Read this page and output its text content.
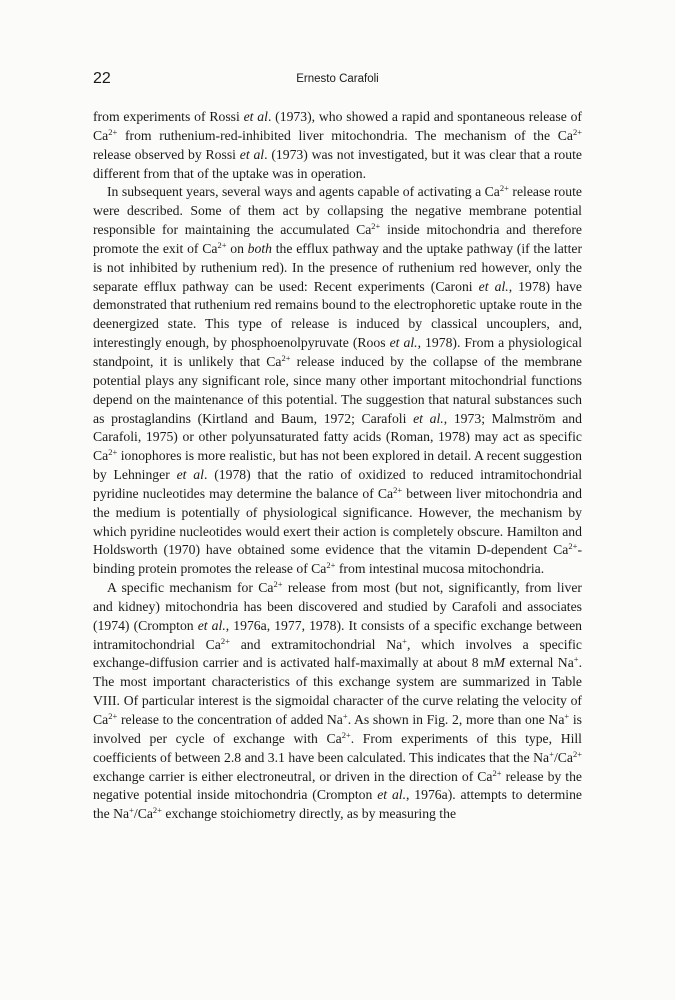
22	Ernesto Carafoli

from experiments of Rossi et al. (1973), who showed a rapid and spontaneous release of $Ca^{2+}$ from ruthenium-red-inhibited liver mitochondria. The mechanism of the $Ca^{2+}$ release observed by Rossi et al. (1973) was not investigated, but it was clear that a route different from that of the uptake was in operation.

In subsequent years, several ways and agents capable of activating a $Ca^{2+}$ release route were described. Some of them act by collapsing the negative membrane potential responsible for maintaining the accumulated $Ca^{2+}$ inside mitochondria and therefore promote the exit of $Ca^{2+}$ on both the efflux pathway and the uptake pathway (if the latter is not inhibited by ruthenium red). In the presence of ruthenium red however, only the separate efflux pathway can be used: Recent experiments (Caroni et al., 1978) have demonstrated that ruthenium red remains bound to the electrophoretic uptake route in the deenergized state. This type of release is induced by classical uncouplers, and, interestingly enough, by phosphoenolpyruvate (Roos et al., 1978). From a physiological standpoint, it is unlikely that $Ca^{2+}$ release induced by the collapse of the membrane potential plays any significant role, since many other important mitochondrial functions depend on the maintenance of this potential. The suggestion that natural substances such as prostaglandins (Kirtland and Baum, 1972; Carafoli et al., 1973; Malmström and Carafoli, 1975) or other polyunsaturated fatty acids (Roman, 1978) may act as specific $Ca^{2+}$ ionophores is more realistic, but has not been explored in detail. A recent suggestion by Lehninger et al. (1978) that the ratio of oxidized to reduced intramitochondrial pyridine nucleotides may determine the balance of $Ca^{2+}$ between liver mitochondria and the medium is potentially of physiological significance. However, the mechanism by which pyridine nucleotides would exert their action is completely obscure. Hamilton and Holdsworth (1970) have obtained some evidence that the vitamin D-dependent $Ca^{2+}$-binding protein promotes the release of $Ca^{2+}$ from intestinal mucosa mitochondria.

A specific mechanism for $Ca^{2+}$ release from most (but not, significantly, from liver and kidney) mitochondria has been discovered and studied by Carafoli and associates (1974) (Crompton et al., 1976a, 1977, 1978). It consists of a specific exchange between intramitochondrial $Ca^{2+}$ and extramitochondrial Na+, which involves a specific exchange-diffusion carrier and is activated half-maximally at about 8 mM external Na+. The most important characteristics of this exchange system are summarized in Table VIII. Of particular interest is the sigmoidal character of the curve relating the velocity of $Ca^{2+}$ release to the concentration of added Na+. As shown in Fig. 2, more than one Na+ is involved per cycle of exchange with $Ca^{2+}$. From experiments of this type, Hill coefficients of between 2.8 and 3.1 have been calculated. This indicates that the $Na^+/Ca^{2+}$ exchange carrier is either electroneutral, or driven in the direction of $Ca^{2+}$ release by the negative potential inside mitochondria (Crompton et al., 1976a). attempts to determine the $Na^+/Ca^{2+}$ exchange stoichiometry directly, as by measuring the
